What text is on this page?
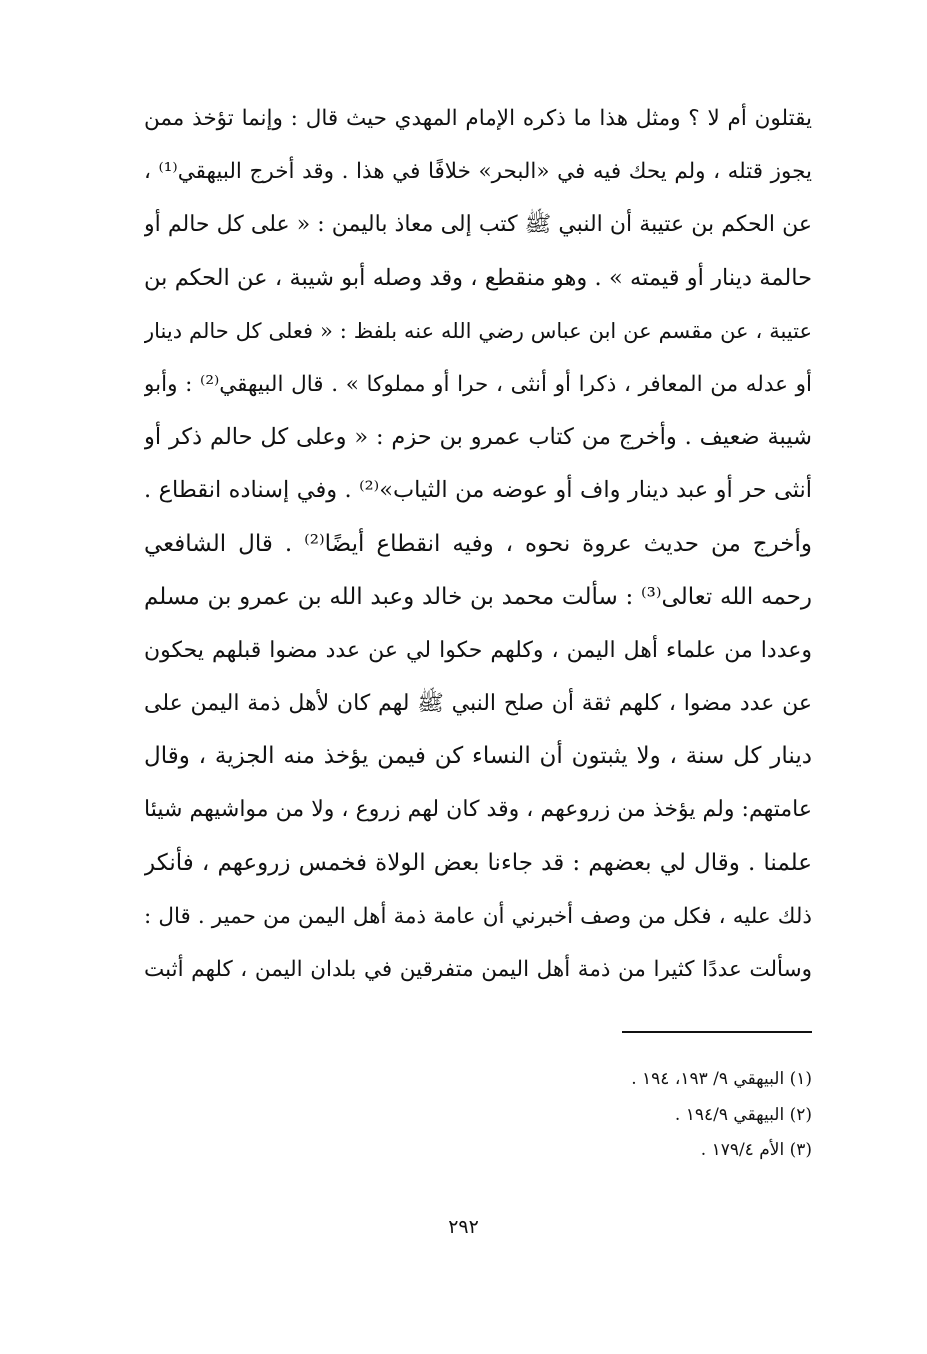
يقتلون أم لا ؟ ومثل هذا ما ذكره الإمام المهدي حيث قال : وإنما تؤخذ ممن
يجوز قتله ، ولم يحك فيه في «البحر» خلافًا في هذا . وقد أخرج البيهقي⁽¹⁾ ،
عن الحكم بن عتيبة أن النبي ﷺ كتب إلى معاذ باليمن : « على كل حالم أو
حالمة دينار أو قيمته » . وهو منقطع ، وقد وصله أبو شيبة ، عن الحكم بن
عتيبة ، عن مقسم عن ابن عباس رضي الله عنه بلفظ : « فعلى كل حالم دينار
أو عدله من المعافر ، ذكرا أو أنثى ، حرا أو مملوكا » . قال البيهقي⁽²⁾ : وأبو
شيبة ضعيف . وأخرج من كتاب عمرو بن حزم : « وعلى كل حالم ذكر أو
أنثى حر أو عبد دينار واف أو عوضه من الثياب»⁽²⁾ . وفي إسناده انقطاع .
وأخرج من حديث عروة نحوه ، وفيه انقطاع أيضًا⁽²⁾ . قال الشافعي
رحمه الله تعالى⁽³⁾ : سألت محمد بن خالد وعبد الله بن عمرو بن مسلم
وعددا من علماء أهل اليمن ، وكلهم حكوا لي عن عدد مضوا قبلهم يحكون
عن عدد مضوا ، كلهم ثقة أن صلح النبي ﷺ لهم كان لأهل ذمة اليمن على
دينار كل سنة ، ولا يثبتون أن النساء كن فيمن يؤخذ منه الجزية ، وقال
عامتهم: ولم يؤخذ من زروعهم ، وقد كان لهم زروع ، ولا من مواشيهم شيئا
علمنا . وقال لي بعضهم : قد جاءنا بعض الولاة فخمس زروعهم ، فأنكر
ذلك عليه ، فكل من وصف أخبرني أن عامة ذمة أهل اليمن من حمير . قال :
وسألت عددًا كثيرا من ذمة أهل اليمن متفرقين في بلدان اليمن ، كلهم أثبت
(١) البيهقي ٩/ ١٩٣، ١٩٤ .
(٢) البيهقي ١٩٤/٩ .
(٣) الأم ١٧٩/٤ .
٢٩٢
